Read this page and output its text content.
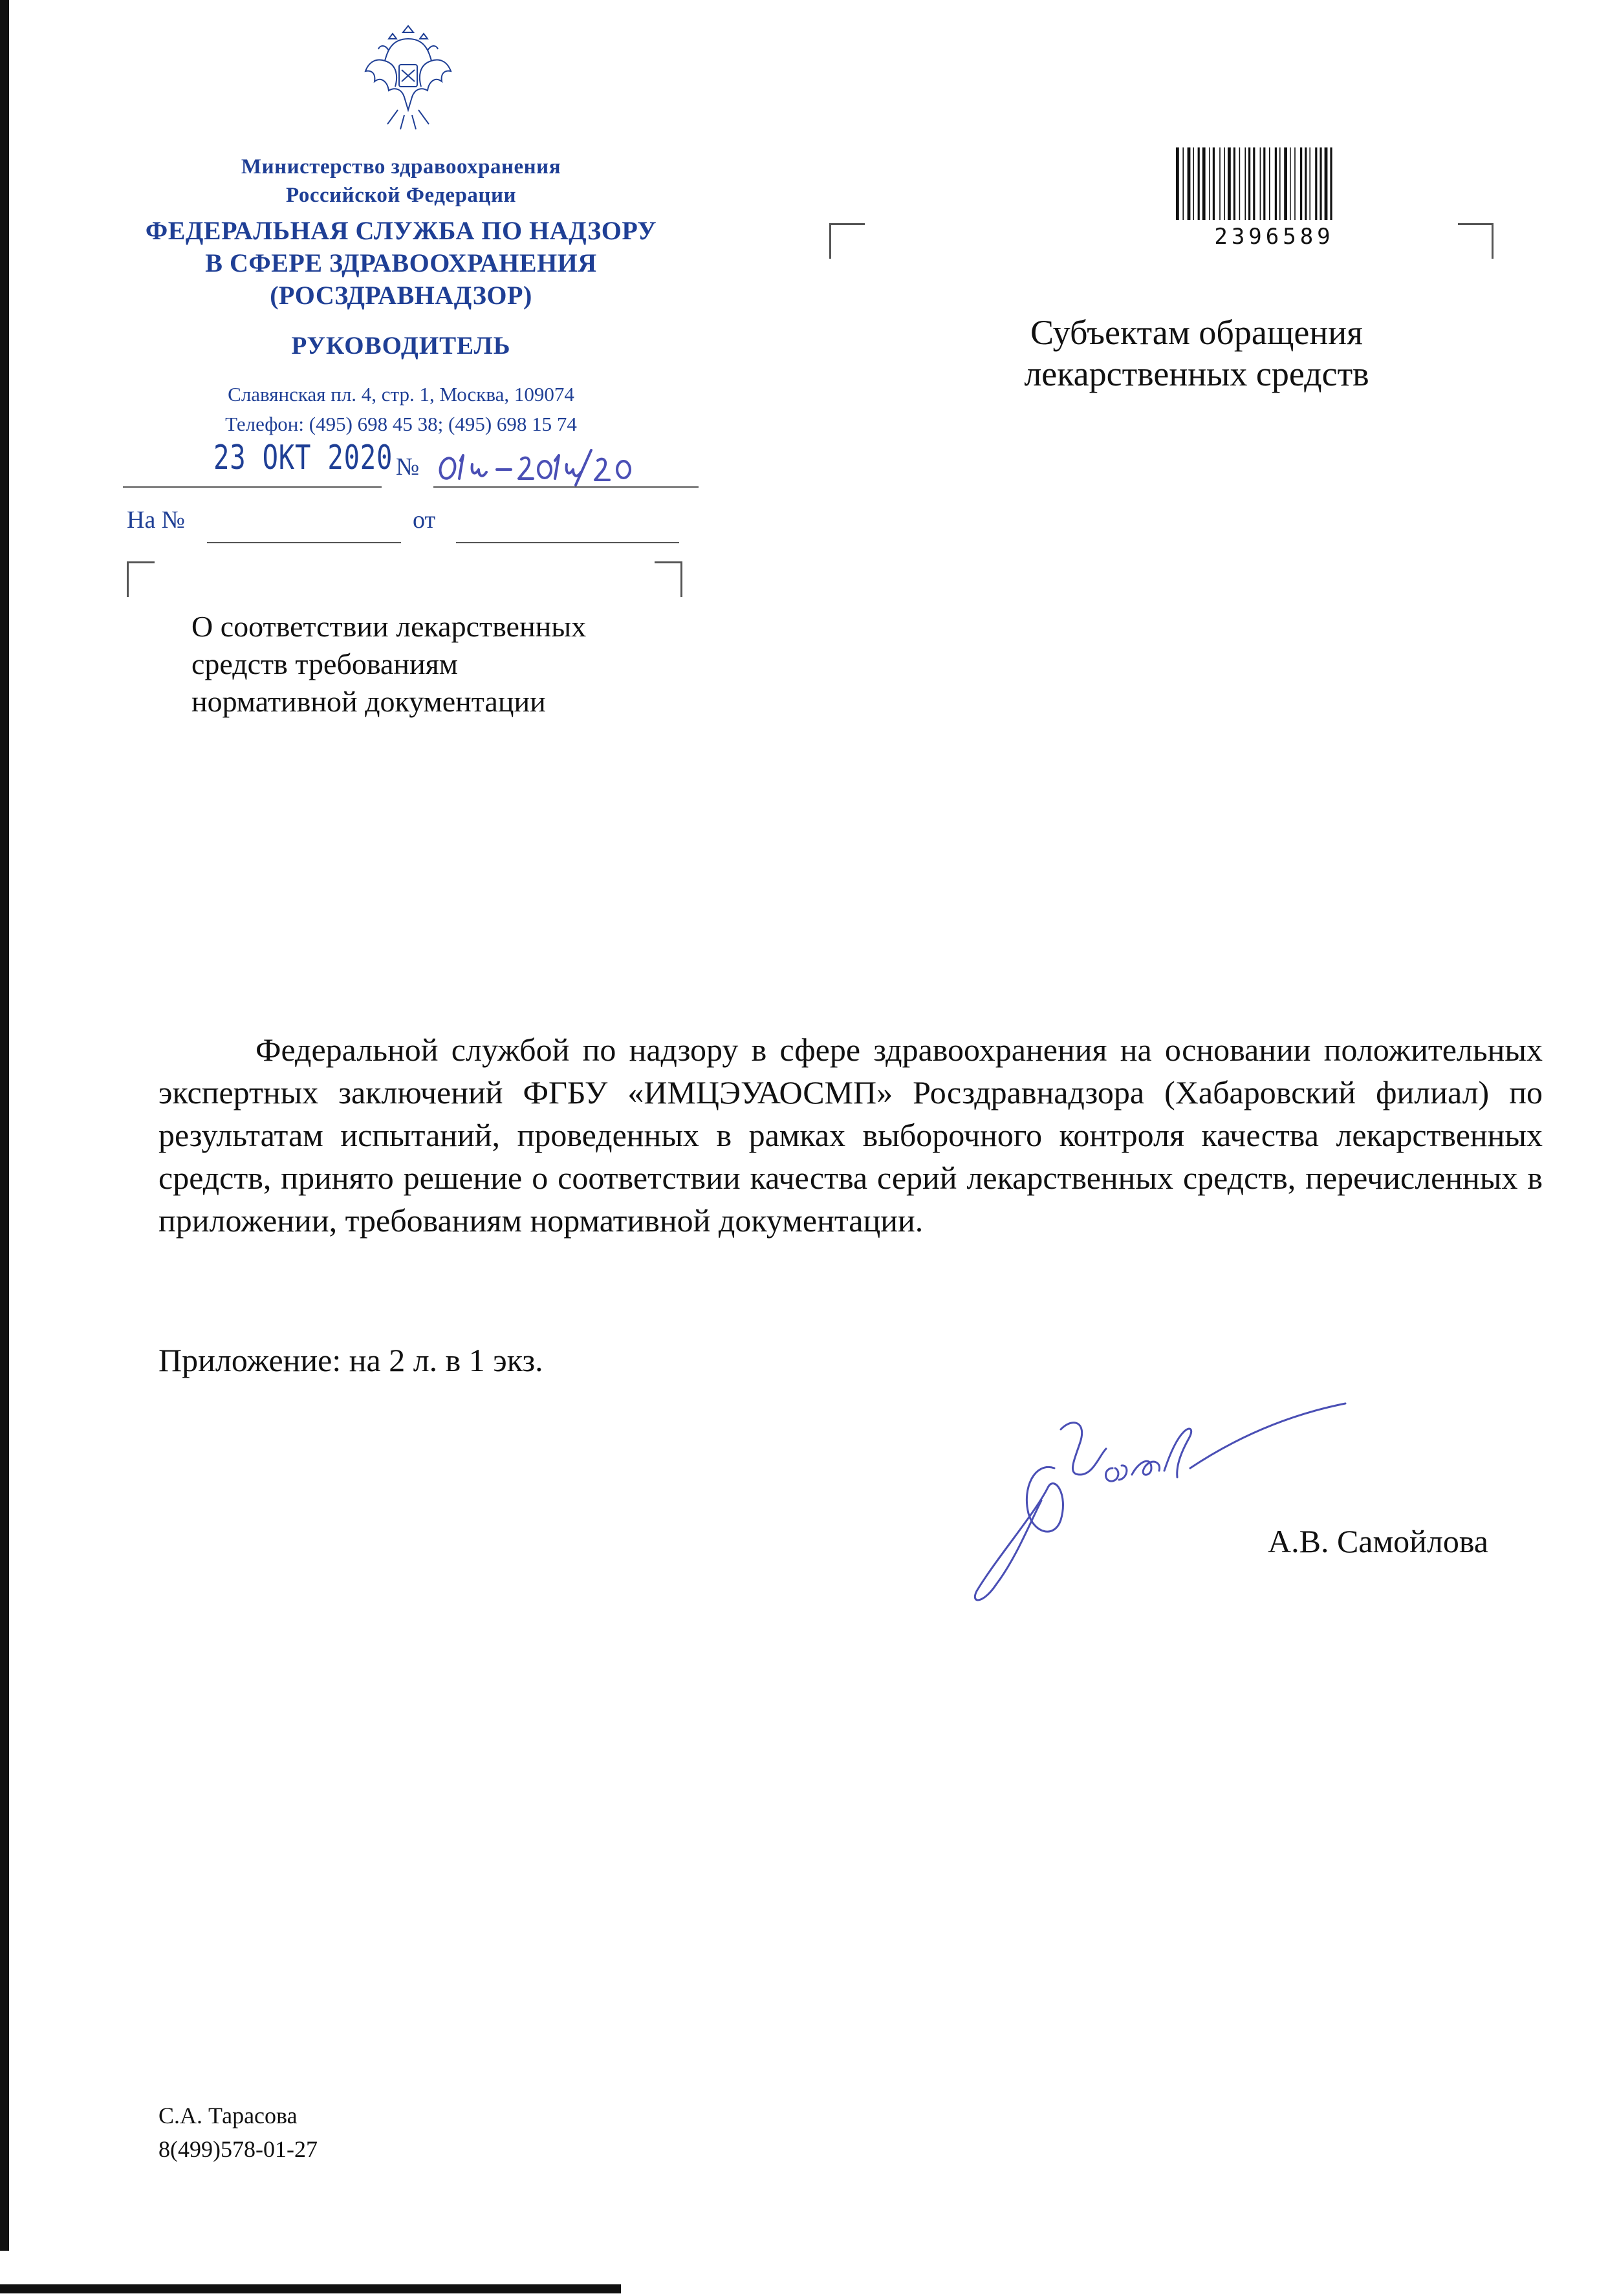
Министерство здравоохранения
Российской Федерации
ФЕДЕРАЛЬНАЯ СЛУЖБА ПО НАДЗОРУ
В СФЕРЕ ЗДРАВООХРАНЕНИЯ
(РОСЗДРАВНАДЗОР)
РУКОВОДИТЕЛЬ
Славянская пл. 4, стр. 1, Москва, 109074
Телефон: (495) 698 45 38; (495) 698 15 74
23 ОКТ 2020 №
На №	от
О соответствии лекарственных
средств требованиям
нормативной документации
2396589
Субъектам обращения
лекарственных средств
Федеральной службой по надзору в сфере здравоохранения на основании положительных экспертных заключений ФГБУ «ИМЦЭУАОСМП» Росздравнадзора (Хабаровский филиал) по результатам испытаний, проведенных в рамках выборочного контроля качества лекарственных средств, принято решение о соответствии качества серий лекарственных средств, перечисленных в приложении, требованиям нормативной документации.
Приложение: на 2 л. в 1 экз.
А.В. Самойлова
С.А. Тарасова
8(499)578-01-27
